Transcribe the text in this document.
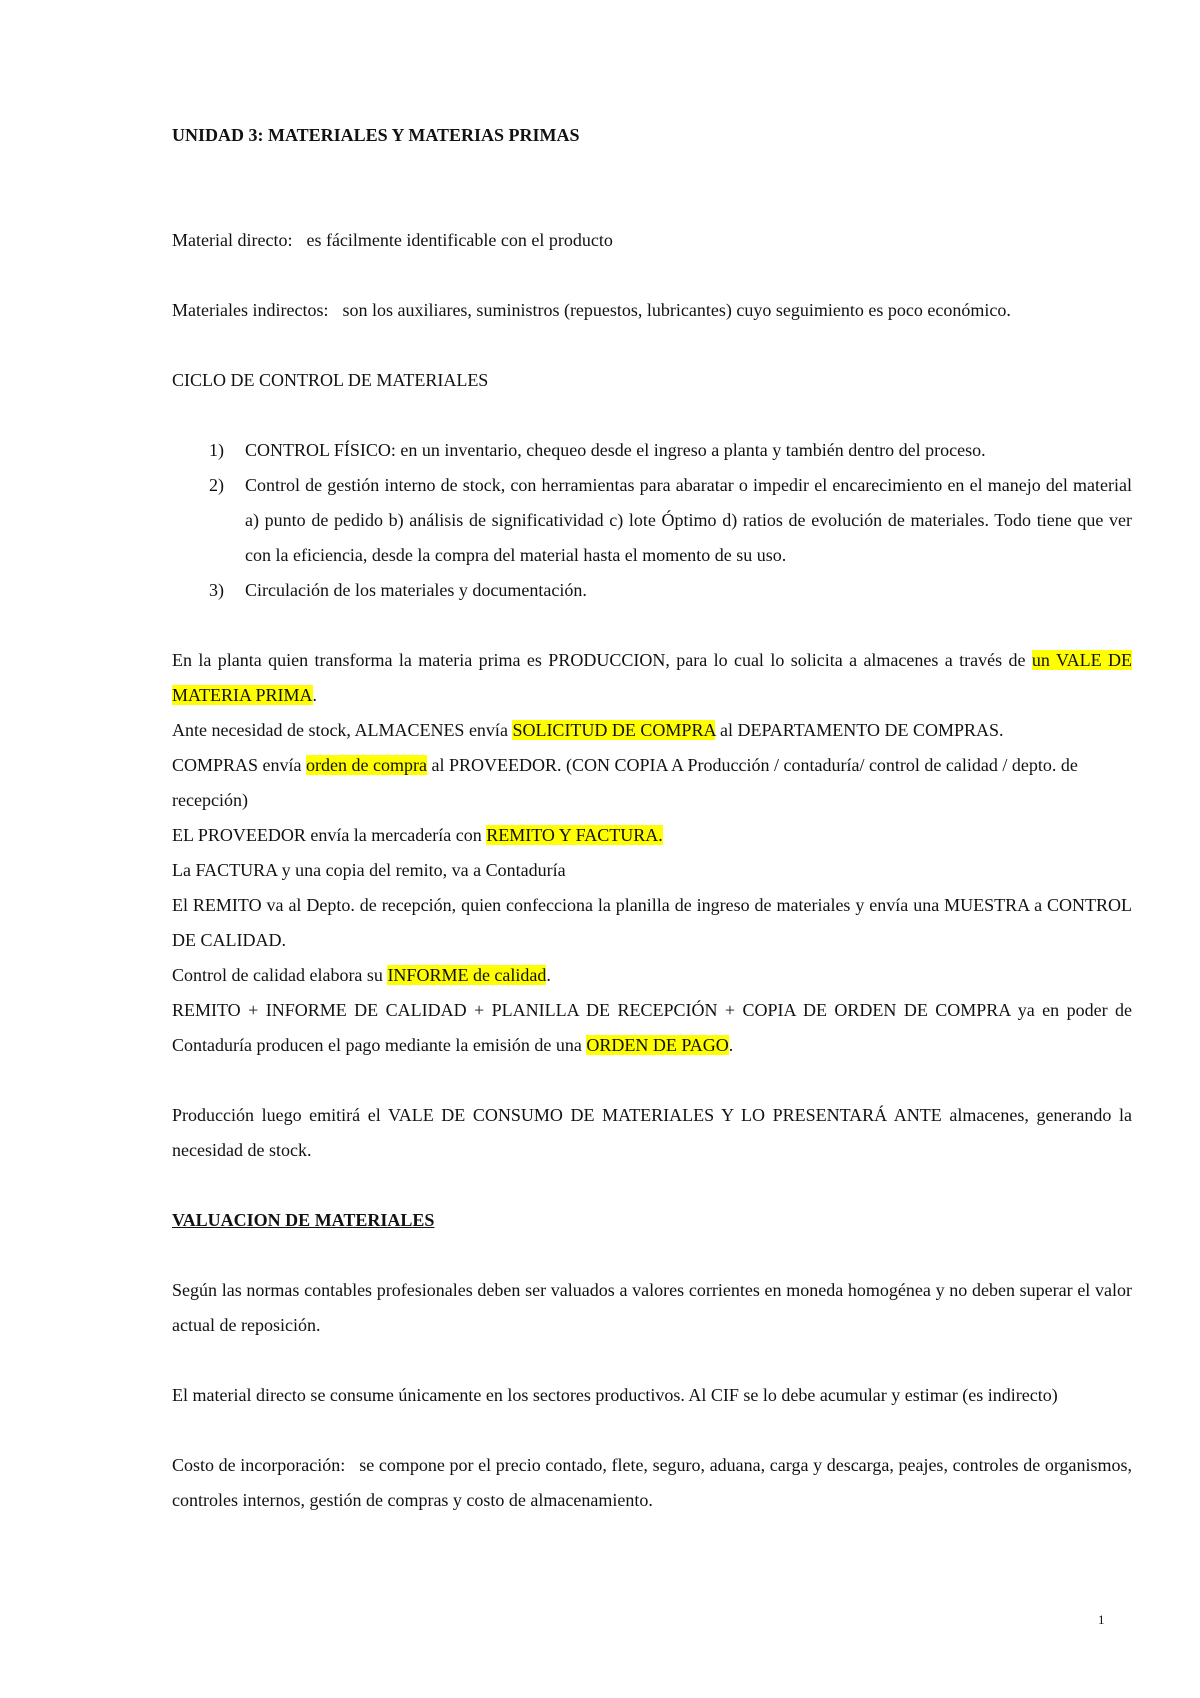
UNIDAD 3: MATERIALES Y MATERIAS PRIMAS

Material directo: es fácilmente identificable con el producto

Materiales indirectos: son los auxiliares, suministros (repuestos, lubricantes) cuyo seguimiento es poco económico.

CICLO DE CONTROL DE MATERIALES

1) CONTROL FÍSICO: en un inventario, chequeo desde el ingreso a planta y también dentro del proceso.
2) Control de gestión interno de stock, con herramientas para abaratar o impedir el encarecimiento en el manejo del material a) punto de pedido b) análisis de significatividad c) lote Óptimo d) ratios de evolución de materiales. Todo tiene que ver con la eficiencia, desde la compra del material hasta el momento de su uso.
3) Circulación de los materiales y documentación.

En la planta quien transforma la materia prima es PRODUCCION, para lo cual lo solicita a almacenes a través de un VALE DE MATERIA PRIMA.

Ante necesidad de stock, ALMACENES envía SOLICITUD DE COMPRA al DEPARTAMENTO DE COMPRAS.

COMPRAS envía orden de compra al PROVEEDOR. (CON COPIA A Producción / contaduría/ control de calidad / depto. de recepción)

EL PROVEEDOR envía la mercadería con REMITO Y FACTURA.

La FACTURA y una copia del remito, va a Contaduría

El REMITO va al Depto. de recepción, quien confecciona la planilla de ingreso de materiales y envía una MUESTRA a CONTROL DE CALIDAD.

Control de calidad elabora su INFORME de calidad.

REMITO + INFORME DE CALIDAD + PLANILLA DE RECEPCIÓN + COPIA DE ORDEN DE COMPRA ya en poder de Contaduría producen el pago mediante la emisión de una ORDEN DE PAGO.

Producción luego emitirá el VALE DE CONSUMO DE MATERIALES Y LO PRESENTARÁ ANTE almacenes, generando la necesidad de stock.

VALUACION DE MATERIALES

Según las normas contables profesionales deben ser valuados a valores corrientes en moneda homogénea y no deben superar el valor actual de reposición.

El material directo se consume únicamente en los sectores productivos. Al CIF se lo debe acumular y estimar (es indirecto)

Costo de incorporación: se compone por el precio contado, flete, seguro, aduana, carga y descarga, peajes, controles de organismos, controles internos, gestión de compras y costo de almacenamiento.

1
